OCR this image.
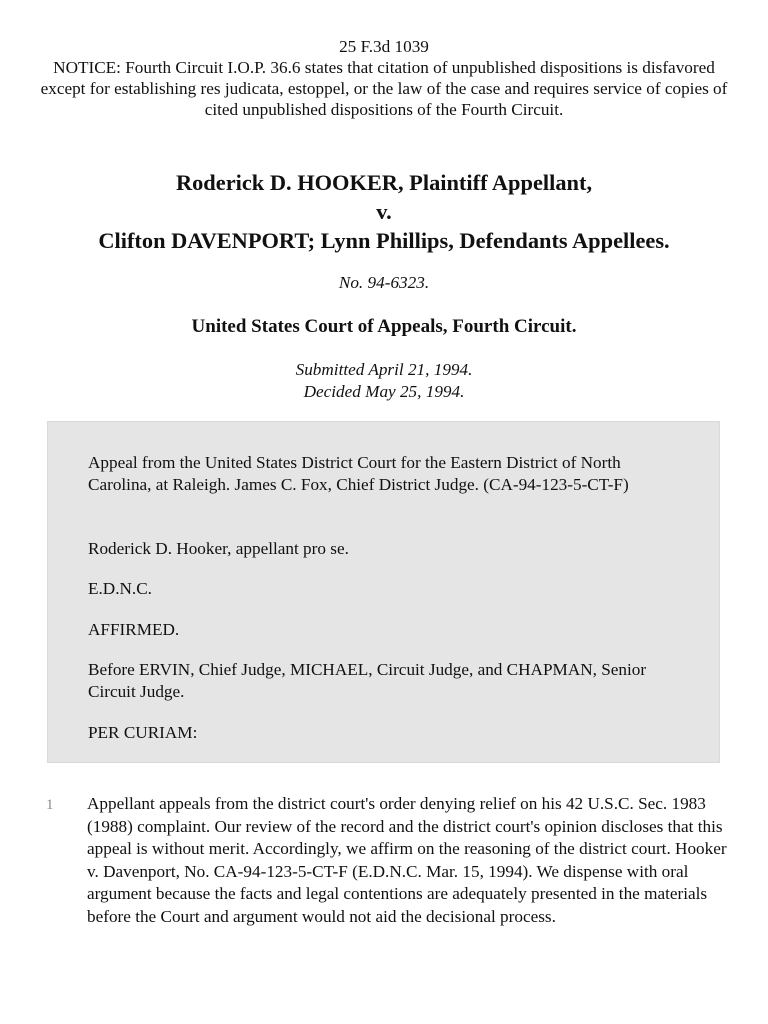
25 F.3d 1039
NOTICE: Fourth Circuit I.O.P. 36.6 states that citation of unpublished dispositions is disfavored except for establishing res judicata, estoppel, or the law of the case and requires service of copies of cited unpublished dispositions of the Fourth Circuit.
Roderick D. HOOKER, Plaintiff Appellant,
v.
Clifton DAVENPORT; Lynn Phillips, Defendants Appellees.
No. 94-6323.
United States Court of Appeals, Fourth Circuit.
Submitted April 21, 1994.
Decided May 25, 1994.

Appeal from the United States District Court for the Eastern District of North Carolina, at Raleigh. James C. Fox, Chief District Judge. (CA-94-123-5-CT-F)

Roderick D. Hooker, appellant pro se.

E.D.N.C.

AFFIRMED.

Before ERVIN, Chief Judge, MICHAEL, Circuit Judge, and CHAPMAN, Senior Circuit Judge.

PER CURIAM:

1 Appellant appeals from the district court's order denying relief on his 42 U.S.C. Sec. 1983 (1988) complaint. Our review of the record and the district court's opinion discloses that this appeal is without merit. Accordingly, we affirm on the reasoning of the district court. Hooker v. Davenport, No. CA-94-123-5-CT-F (E.D.N.C. Mar. 15, 1994). We dispense with oral argument because the facts and legal contentions are adequately presented in the materials before the Court and argument would not aid the decisional process.
